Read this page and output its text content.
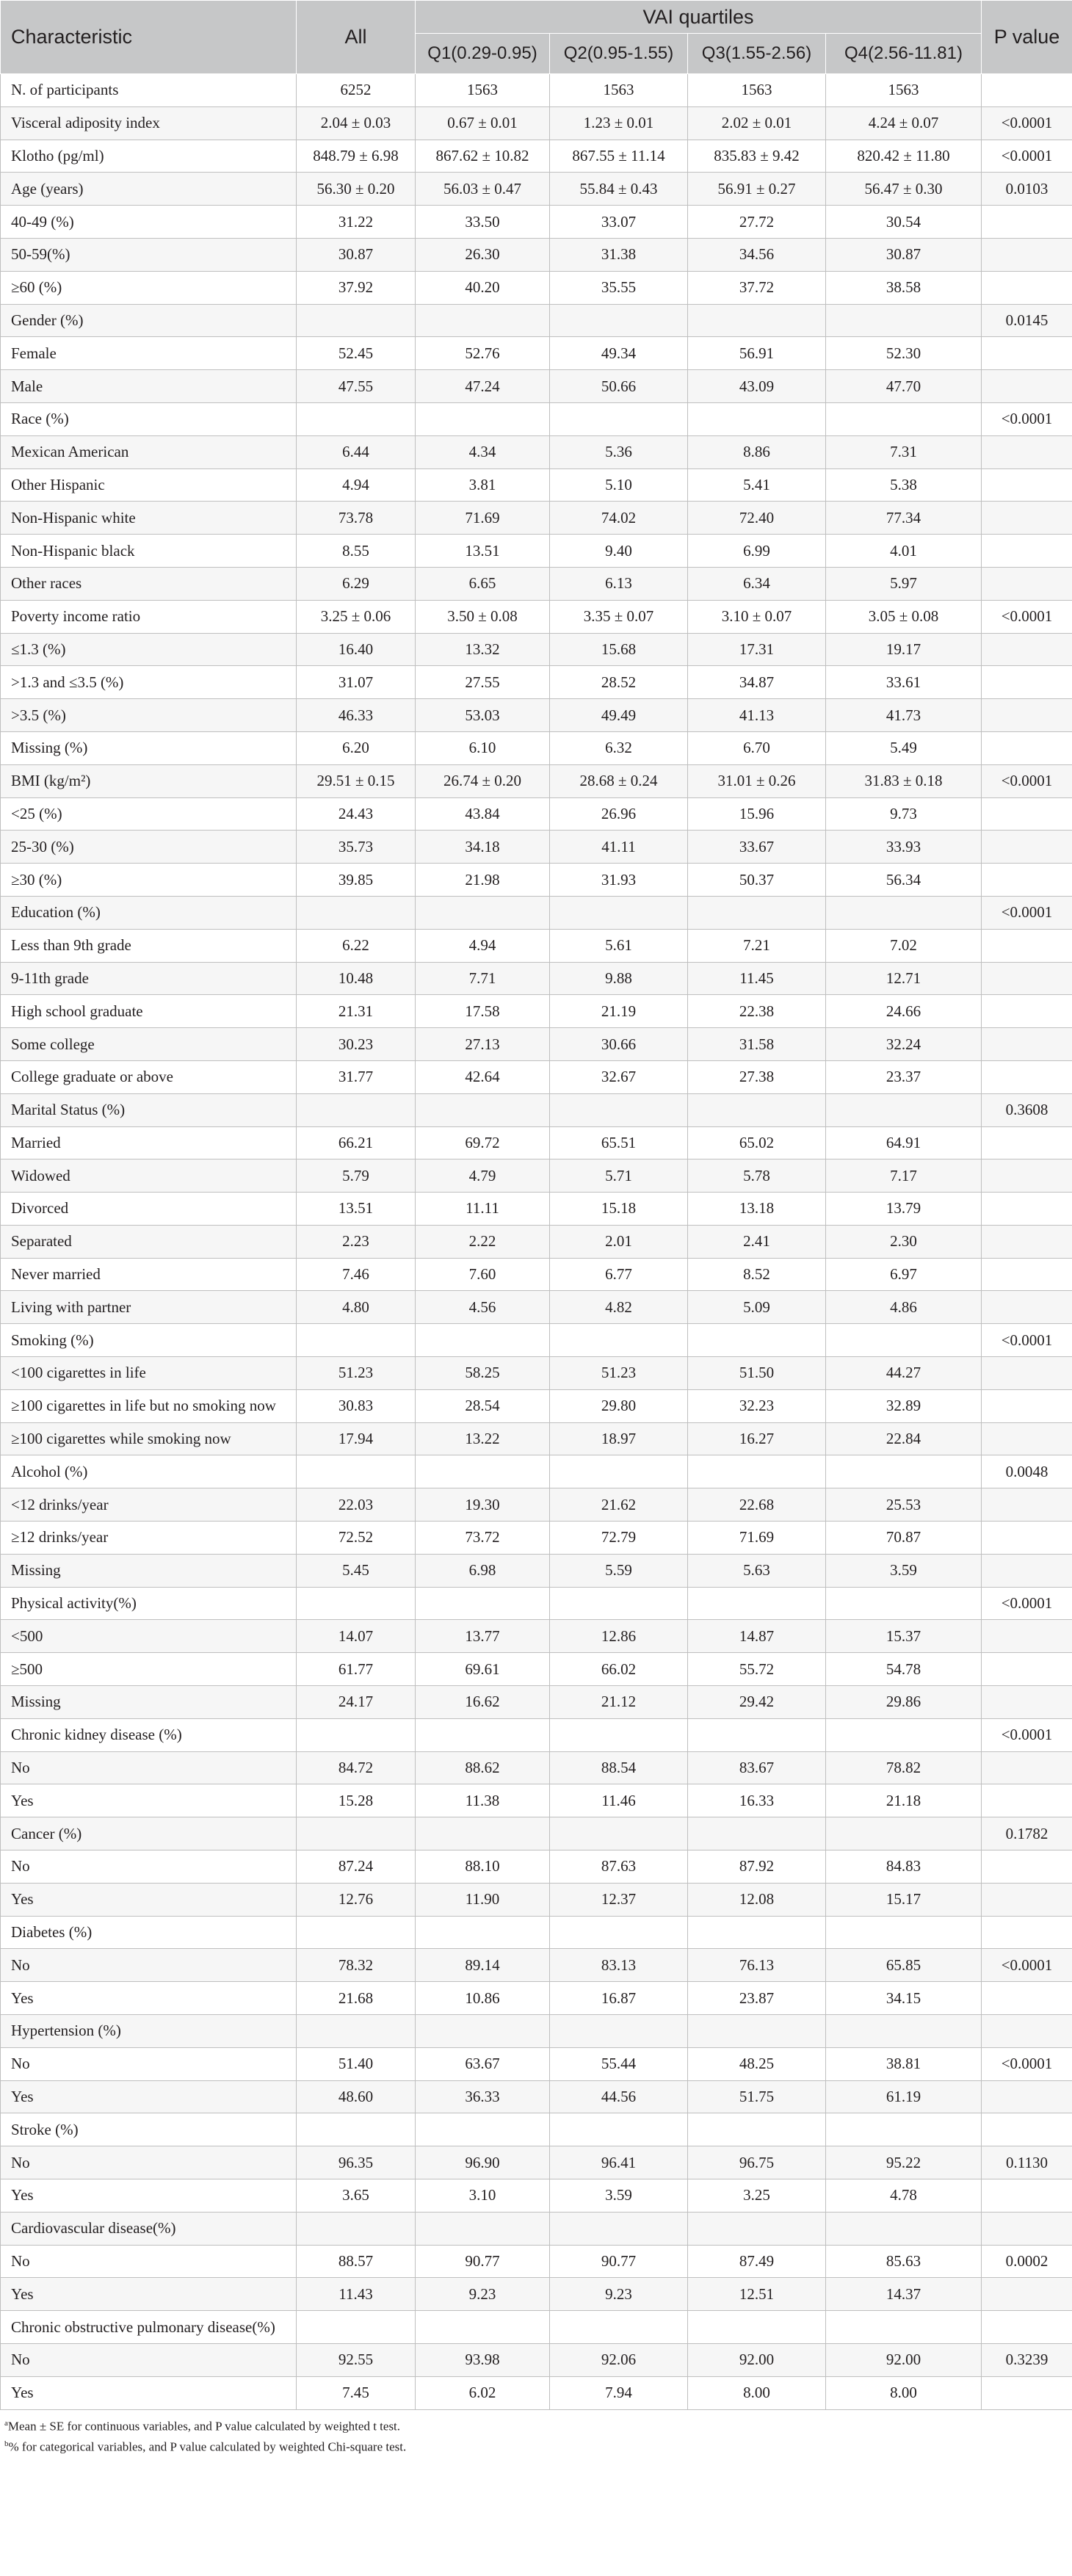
Characteristic	All	VAI quartiles				P value
		Q1(0.29-0.95)	Q2(0.95-1.55)	Q3(1.55-2.56)	Q4(2.56-11.81)	
N. of participants	6252	1563	1563	1563	1563	
Visceral adiposity index	2.04 ± 0.03	0.67 ± 0.01	1.23 ± 0.01	2.02 ± 0.01	4.24 ± 0.07	<0.0001
Klotho (pg/ml)	848.79 ± 6.98	867.62 ± 10.82	867.55 ± 11.14	835.83 ± 9.42	820.42 ± 11.80	<0.0001
Age (years)	56.30 ± 0.20	56.03 ± 0.47	55.84 ± 0.43	56.91 ± 0.27	56.47 ± 0.30	0.0103
40-49 (%)	31.22	33.50	33.07	27.72	30.54	
50-59(%)	30.87	26.30	31.38	34.56	30.87	
≥60 (%)	37.92	40.20	35.55	37.72	38.58	
Gender (%)						0.0145
Female	52.45	52.76	49.34	56.91	52.30	
Male	47.55	47.24	50.66	43.09	47.70	
Race (%)						<0.0001
Mexican American	6.44	4.34	5.36	8.86	7.31	
Other Hispanic	4.94	3.81	5.10	5.41	5.38	
Non-Hispanic white	73.78	71.69	74.02	72.40	77.34	
Non-Hispanic black	8.55	13.51	9.40	6.99	4.01	
Other races	6.29	6.65	6.13	6.34	5.97	
Poverty income ratio	3.25 ± 0.06	3.50 ± 0.08	3.35 ± 0.07	3.10 ± 0.07	3.05 ± 0.08	<0.0001
≤1.3 (%)	16.40	13.32	15.68	17.31	19.17	
>1.3 and ≤3.5 (%)	31.07	27.55	28.52	34.87	33.61	
>3.5 (%)	46.33	53.03	49.49	41.13	41.73	
Missing (%)	6.20	6.10	6.32	6.70	5.49	
BMI (kg/m²)	29.51 ± 0.15	26.74 ± 0.20	28.68 ± 0.24	31.01 ± 0.26	31.83 ± 0.18	<0.0001
<25 (%)	24.43	43.84	26.96	15.96	9.73	
25-30 (%)	35.73	34.18	41.11	33.67	33.93	
≥30 (%)	39.85	21.98	31.93	50.37	56.34	
Education (%)						<0.0001
Less than 9th grade	6.22	4.94	5.61	7.21	7.02	
9-11th grade	10.48	7.71	9.88	11.45	12.71	
High school graduate	21.31	17.58	21.19	22.38	24.66	
Some college	30.23	27.13	30.66	31.58	32.24	
College graduate or above	31.77	42.64	32.67	27.38	23.37	
Marital Status (%)						0.3608
Married	66.21	69.72	65.51	65.02	64.91	
Widowed	5.79	4.79	5.71	5.78	7.17	
Divorced	13.51	11.11	15.18	13.18	13.79	
Separated	2.23	2.22	2.01	2.41	2.30	
Never married	7.46	7.60	6.77	8.52	6.97	
Living with partner	4.80	4.56	4.82	5.09	4.86	
Smoking (%)						<0.0001
<100 cigarettes in life	51.23	58.25	51.23	51.50	44.27	
≥100 cigarettes in life but no smoking now	30.83	28.54	29.80	32.23	32.89	
≥100 cigarettes while smoking now	17.94	13.22	18.97	16.27	22.84	
Alcohol (%)						0.0048
<12 drinks/year	22.03	19.30	21.62	22.68	25.53	
≥12 drinks/year	72.52	73.72	72.79	71.69	70.87	
Missing	5.45	6.98	5.59	5.63	3.59	
Physical activity(%)						<0.0001
<500	14.07	13.77	12.86	14.87	15.37	
≥500	61.77	69.61	66.02	55.72	54.78	
Missing	24.17	16.62	21.12	29.42	29.86	
Chronic kidney disease (%)						<0.0001
No	84.72	88.62	88.54	83.67	78.82	
Yes	15.28	11.38	11.46	16.33	21.18	
Cancer (%)						0.1782
No	87.24	88.10	87.63	87.92	84.83	
Yes	12.76	11.90	12.37	12.08	15.17	
Diabetes (%)						
No	78.32	89.14	83.13	76.13	65.85	<0.0001
Yes	21.68	10.86	16.87	23.87	34.15	
Hypertension (%)						
No	51.40	63.67	55.44	48.25	38.81	<0.0001
Yes	48.60	36.33	44.56	51.75	61.19	
Stroke (%)						
No	96.35	96.90	96.41	96.75	95.22	0.1130
Yes	3.65	3.10	3.59	3.25	4.78	
Cardiovascular disease(%)						
No	88.57	90.77	90.77	87.49	85.63	0.0002
Yes	11.43	9.23	9.23	12.51	14.37	
Chronic obstructive pulmonary disease(%)						
No	92.55	93.98	92.06	92.00	92.00	0.3239
Yes	7.45	6.02	7.94	8.00	8.00	
$^a$Mean ± SE for continuous variables, and P value calculated by weighted t test.
$^b$% for categorical variables, and P value calculated by weighted Chi-square test.
